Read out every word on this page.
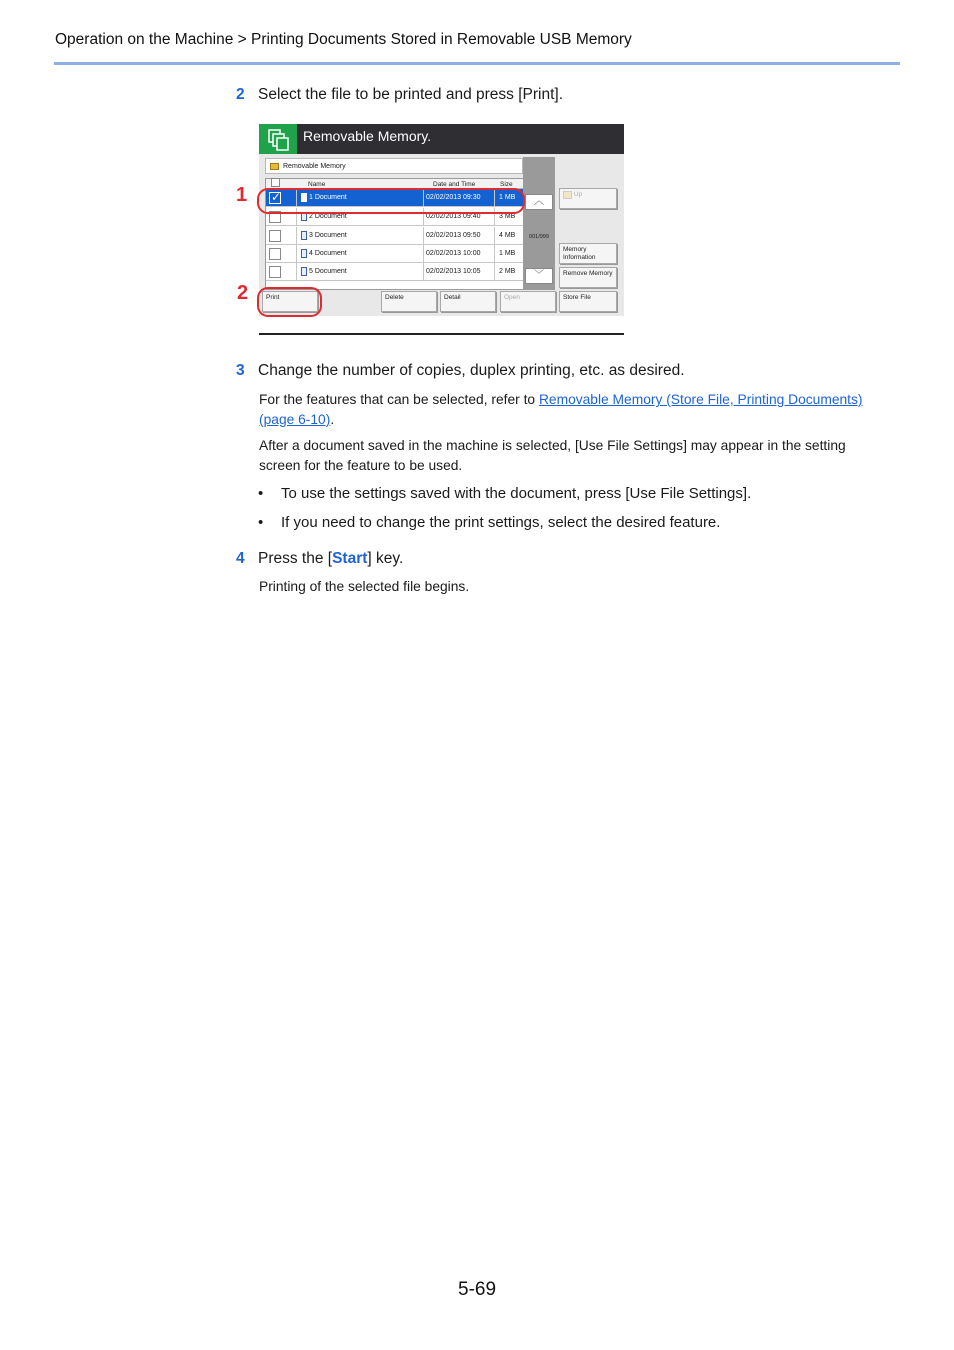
Operation on the Machine > Printing Documents Stored in Removable USB Memory
2 Select the file to be printed and press [Print].
Removable Memory.
Removable Memory
Name	Date and Time	Size
✓	1 Document	02/02/2013 09:30	1 MB
2 Document	02/02/2013 09:40	3 MB
3 Document	02/02/2013 09:50	4 MB
4 Document	02/02/2013 10:00	1 MB
5 Document	02/02/2013 10:05	2 MB
︿
001/999
﹀
Up
Memory Information
Remove Memory
Print	Delete	Detail	Open	Store File
1
2
3 Change the number of copies, duplex printing, etc. as desired.
For the features that can be selected, refer to Removable Memory (Store File, Printing Documents)
(page 6-10).
After a document saved in the machine is selected, [Use File Settings] may appear in the setting screen for the feature to be used.
• To use the settings saved with the document, press [Use File Settings].
• If you need to change the print settings, select the desired feature.
4 Press the [Start] key.
Printing of the selected file begins.
5-69
